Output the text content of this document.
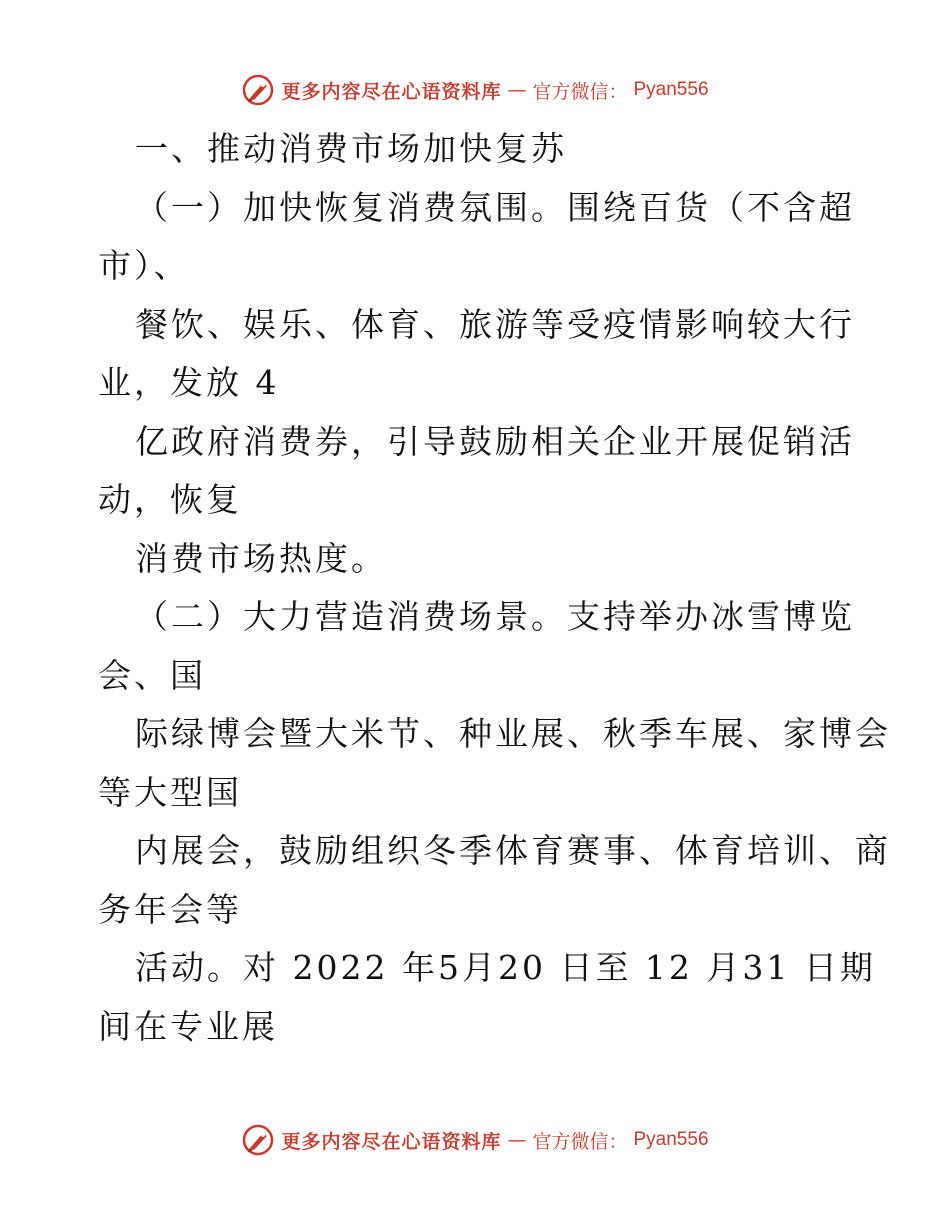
更多内容尽在心语资料库 — 官方微信： Pyan556
一、推动消费市场加快复苏
（一）加快恢复消费氛围。围绕百货（不含超
市）、
餐饮、娱乐、体育、旅游等受疫情影响较大行
业，发放 4
亿政府消费券，引导鼓励相关企业开展促销活
动，恢复
消费市场热度。
（二）大力营造消费场景。支持举办冰雪博览
会、国
际绿博会暨大米节、种业展、秋季车展、家博会
等大型国
内展会，鼓励组织冬季体育赛事、体育培训、商
务年会等
活动。对 2022 年5月20 日至 12 月31 日期
间在专业展
更多内容尽在心语资料库 — 官方微信： Pyan556
